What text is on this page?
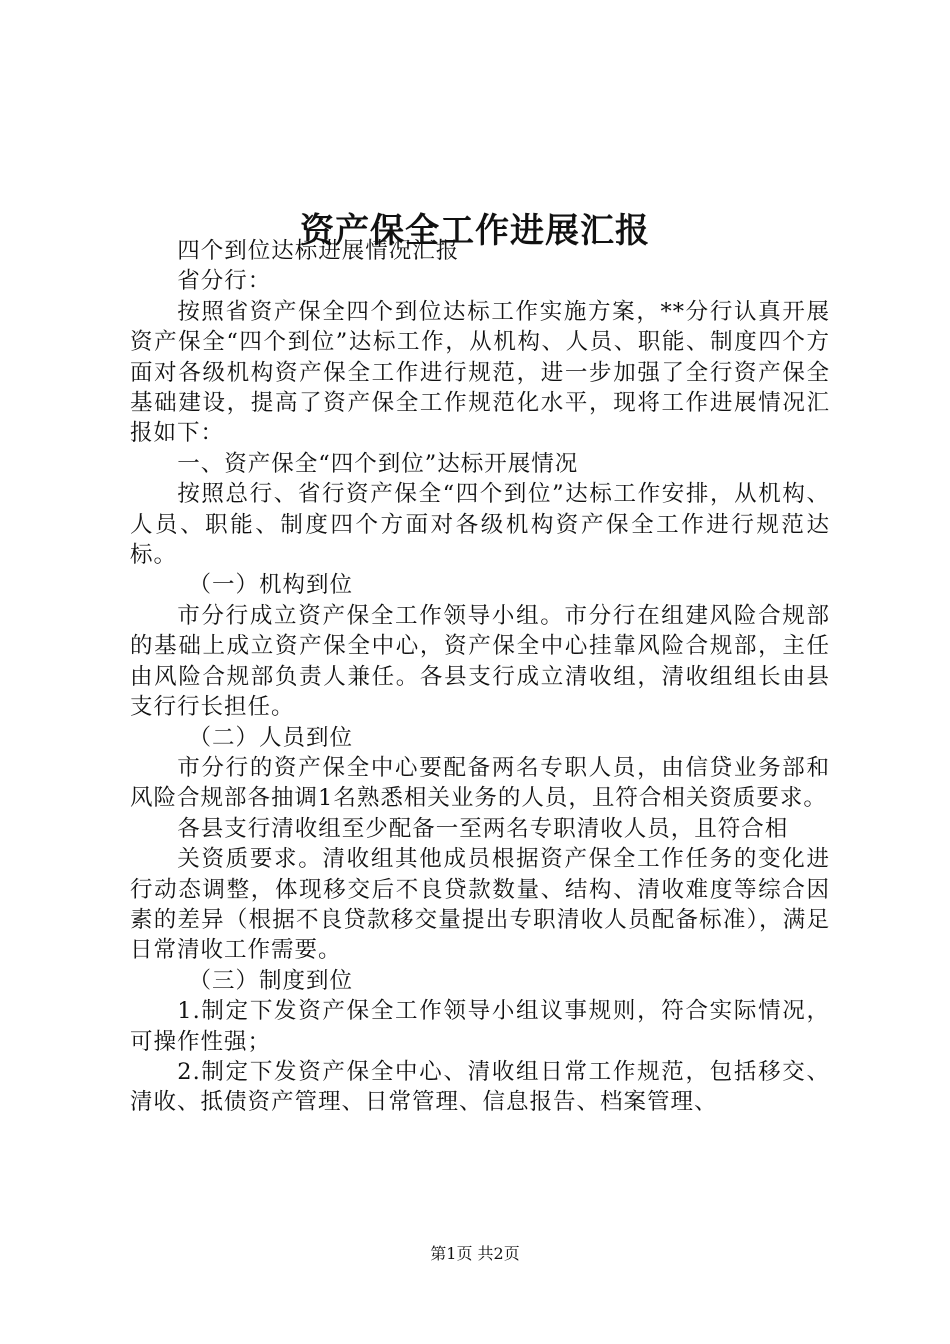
资产保全工作进展汇报

四个到位达标进展情况汇报

省分行：

按照省资产保全四个到位达标工作实施方案，**分行认真开展资产保全“四个到位”达标工作，从机构、人员、职能、制度四个方面对各级机构资产保全工作进行规范，进一步加强了全行资产保全基础建设，提高了资产保全工作规范化水平，现将工作进展情况汇报如下：

一、资产保全“四个到位”达标开展情况

按照总行、省行资产保全“四个到位”达标工作安排，从机构、人员、职能、制度四个方面对各级机构资产保全工作进行规范达标。

（一）机构到位

市分行成立资产保全工作领导小组。市分行在组建风险合规部的基础上成立资产保全中心，资产保全中心挂靠风险合规部，主任由风险合规部负责人兼任。各县支行成立清收组，清收组组长由县支行行长担任。

（二）人员到位

市分行的资产保全中心要配备两名专职人员，由信贷业务部和风险合规部各抽调1名熟悉相关业务的人员，且符合相关资质要求。

各县支行清收组至少配备一至两名专职清收人员，且符合相

关资质要求。清收组其他成员根据资产保全工作任务的变化进行动态调整，体现移交后不良贷款数量、结构、清收难度等综合因素的差异（根据不良贷款移交量提出专职清收人员配备标准），满足日常清收工作需要。

（三）制度到位

1.制定下发资产保全工作领导小组议事规则，符合实际情况，可操作性强；

2.制定下发资产保全中心、清收组日常工作规范，包括移交、清收、抵债资产管理、日常管理、信息报告、档案管理、

第1页 共2页
